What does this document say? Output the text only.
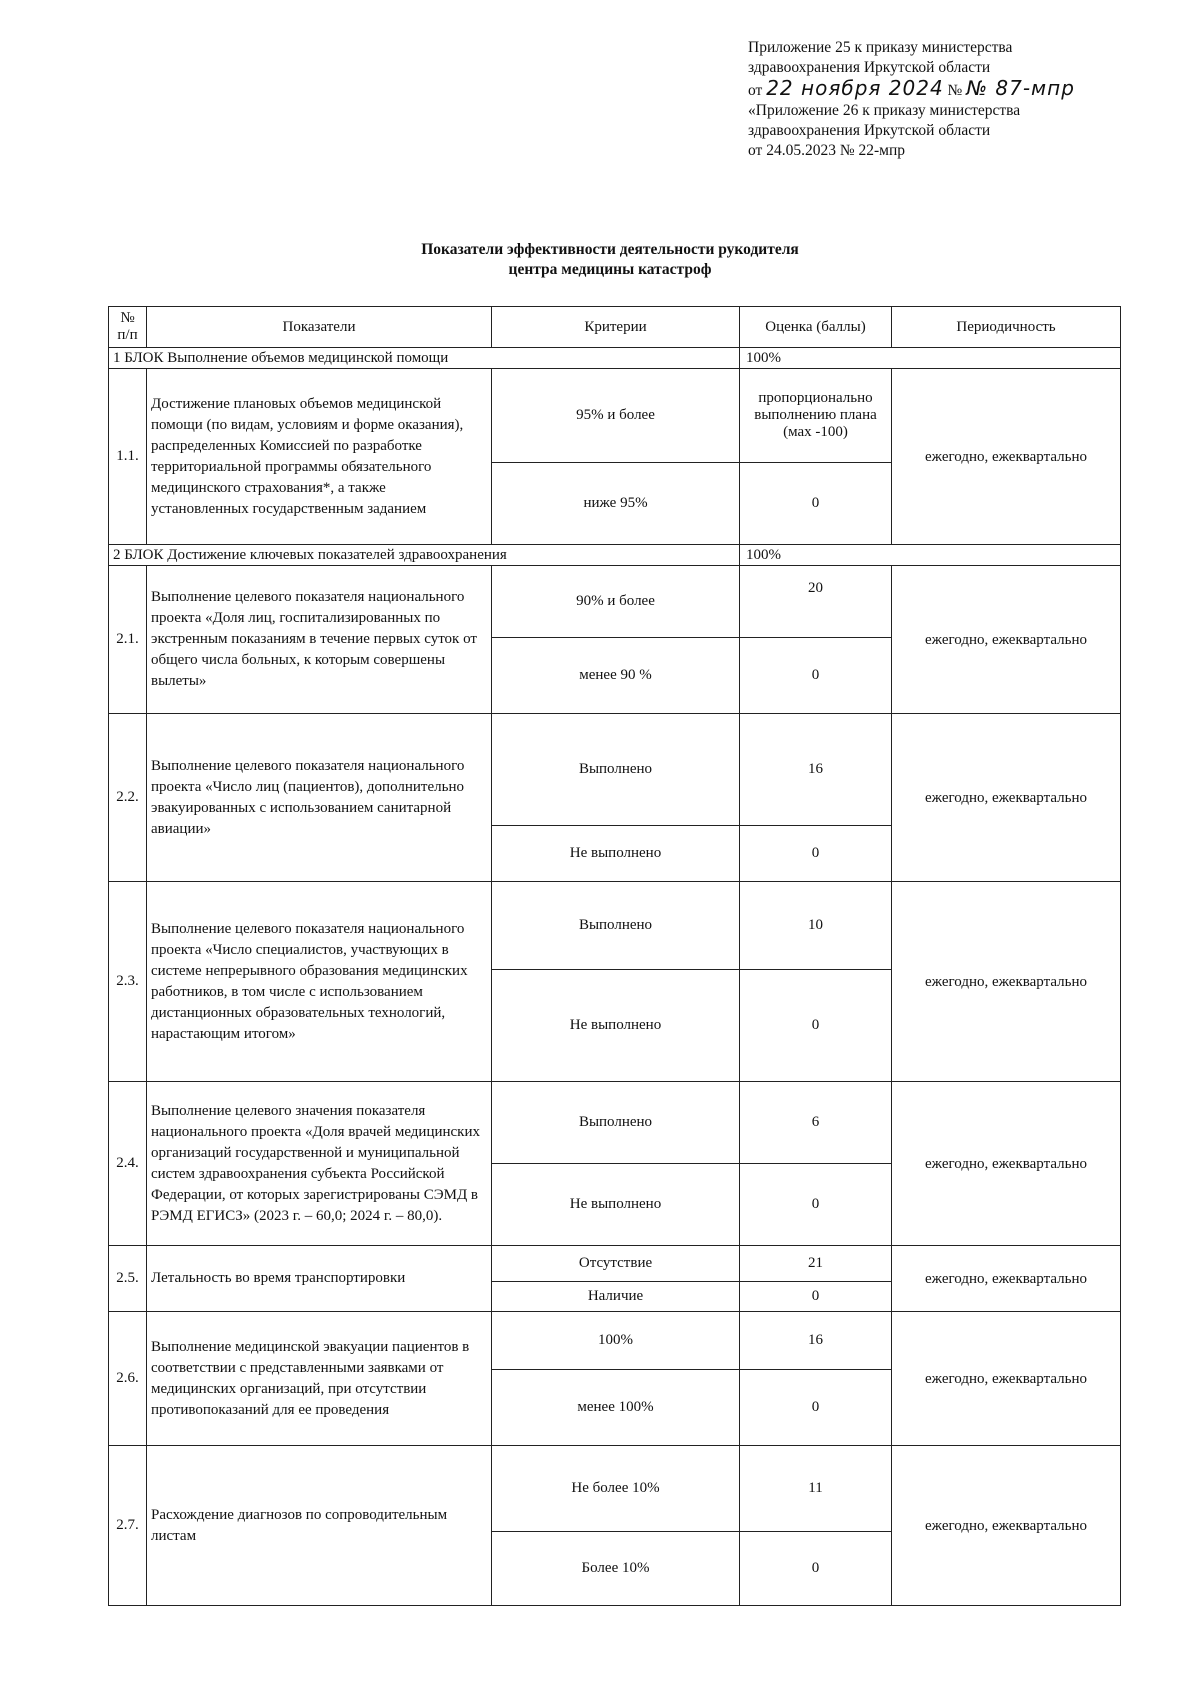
Приложение 25 к приказу министерства
здравоохранения Иркутской области
от 22 ноября 2024 № № 87-мпр
«Приложение 26 к приказу министерства
здравоохранения Иркутской области
от 24.05.2023 № 22-мпр
Показатели эффективности деятельности рукодителя
центра медицины катастроф
№ п/п	Показатели	Критерии	Оценка (баллы)	Периодичность
1 БЛОК Выполнение объемов медицинской помощи			100%	
1.1.	Достижение плановых объемов медицинской помощи (по видам, условиям и форме оказания), распределенных Комиссией по разработке территориальной программы обязательного медицинского страхования*, а также установленных государственным заданием	95% и более	пропорционально выполнению плана (мах -100)	ежегодно, ежеквартально
		ниже 95%	0	
2 БЛОК Достижение ключевых показателей здравоохранения			100%	
2.1.	Выполнение целевого показателя национального проекта «Доля лиц, госпитализированных по экстренным показаниям в течение первых суток от общего числа больных, к которым совершены вылеты»	90% и более	20	ежегодно, ежеквартально
		менее 90 %	0	
2.2.	Выполнение целевого показателя национального проекта «Число лиц (пациентов), дополнительно эвакуированных с использованием санитарной авиации»	Выполнено	16	ежегодно, ежеквартально
		Не выполнено	0	
2.3.	Выполнение целевого показателя национального проекта «Число специалистов, участвующих в системе непрерывного образования медицинских работников, в том числе с использованием дистанционных образовательных технологий, нарастающим итогом»	Выполнено	10	ежегодно, ежеквартально
		Не выполнено	0	
2.4.	Выполнение целевого значения показателя национального проекта «Доля врачей медицинских организаций государственной и муниципальной систем здравоохранения субъекта Российской Федерации, от которых зарегистрированы СЭМД в РЭМД ЕГИСЗ» (2023 г. – 60,0; 2024 г. – 80,0).	Выполнено	6	ежегодно, ежеквартально
		Не выполнено	0	
2.5.	Летальность во время транспортировки	Отсутствие	21	ежегодно, ежеквартально
		Наличие	0	
2.6.	Выполнение медицинской эвакуации пациентов в соответствии с представленными заявками от медицинских организаций, при отсутствии противопоказаний для ее проведения	100%	16	ежегодно, ежеквартально
		менее 100%	0	
2.7.	Расхождение диагнозов по сопроводительным листам	Не более 10%	11	ежегодно, ежеквартально
		Более 10%	0	
